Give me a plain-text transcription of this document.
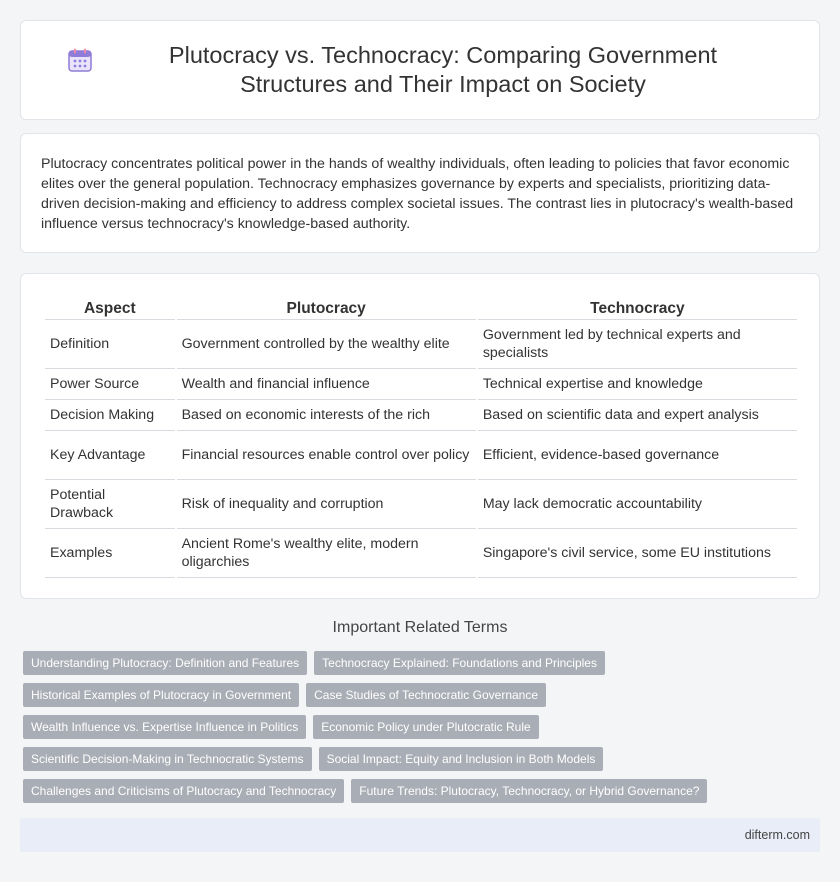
Plutocracy vs. Technocracy: Comparing Government Structures and Their Impact on Society

Plutocracy concentrates political power in the hands of wealthy individuals, often leading to policies that favor economic elites over the general population. Technocracy emphasizes governance by experts and specialists, prioritizing data-driven decision-making and efficiency to address complex societal issues. The contrast lies in plutocracy's wealth-based influence versus technocracy's knowledge-based authority.

Aspect	Plutocracy	Technocracy
Definition	Government controlled by the wealthy elite	Government led by technical experts and specialists
Power Source	Wealth and financial influence	Technical expertise and knowledge
Decision Making	Based on economic interests of the rich	Based on scientific data and expert analysis
Key Advantage	Financial resources enable control over policy	Efficient, evidence-based governance
Potential Drawback	Risk of inequality and corruption	May lack democratic accountability
Examples	Ancient Rome's wealthy elite, modern oligarchies	Singapore's civil service, some EU institutions
Important Related Terms
Understanding Plutocracy: Definition and Features	Technocracy Explained: Foundations and Principles
Historical Examples of Plutocracy in Government	Case Studies of Technocratic Governance
Wealth Influence vs. Expertise Influence in Politics	Economic Policy under Plutocratic Rule
Scientific Decision-Making in Technocratic Systems	Social Impact: Equity and Inclusion in Both Models
Challenges and Criticisms of Plutocracy and Technocracy	Future Trends: Plutocracy, Technocracy, or Hybrid Governance?
difterm.com
